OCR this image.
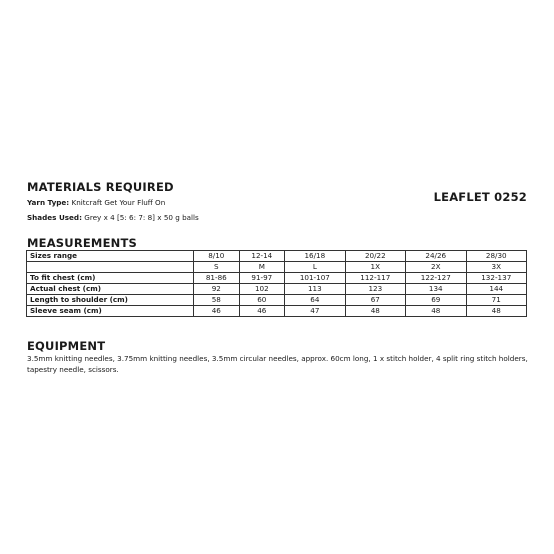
MATERIALS REQUIRED
LEAFLET 0252
Yarn Type: Knitcraft Get Your Fluff On
Shades Used: Grey x 4 [5: 6: 7: 8] x 50 g balls
MEASUREMENTS
Sizes range	8/10	12-14	16/18	20/22	24/26	28/30
	S	M	L	1X	2X	3X
To fit chest (cm)	81-86	91-97	101-107	112-117	122-127	132-137
Actual chest (cm)	92	102	113	123	134	144
Length to shoulder (cm)	58	60	64	67	69	71
Sleeve seam (cm)	46	46	47	48	48	48
EQUIPMENT
3.5mm knitting needles, 3.75mm knitting needles, 3.5mm circular needles, approx. 60cm long, 1 x stitch holder, 4 split ring stitch holders, tapestry needle, scissors.
